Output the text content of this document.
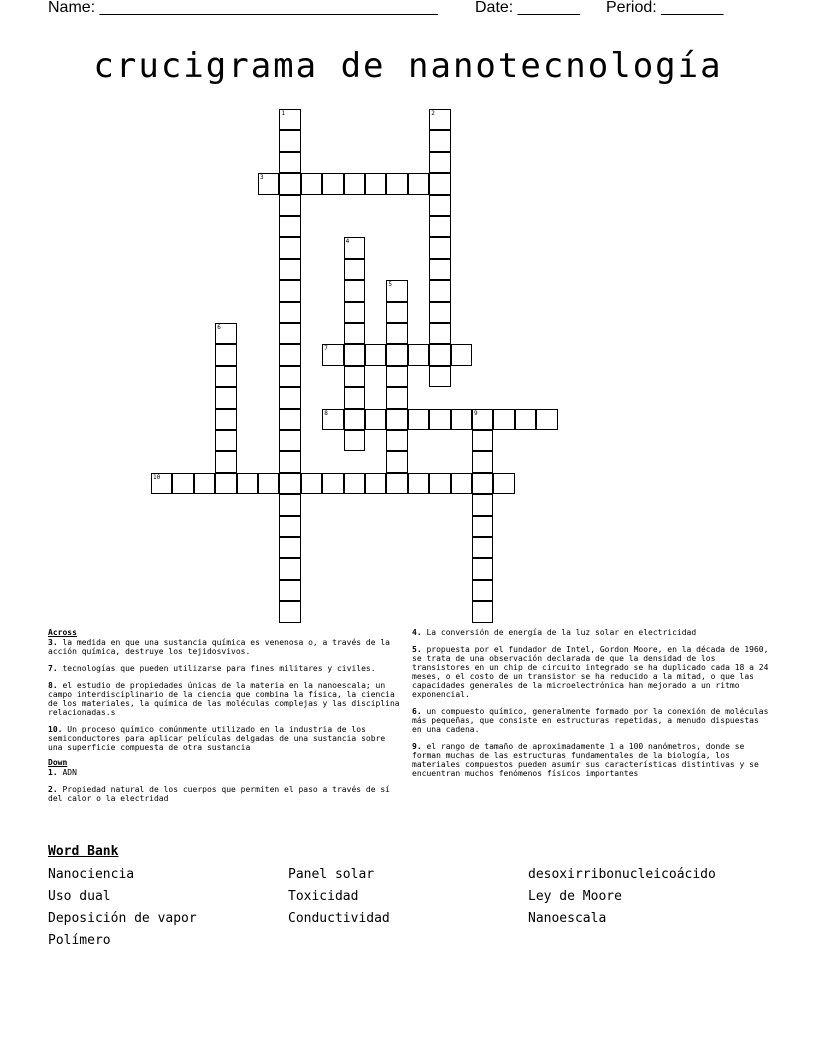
Name: ______________________________________ Date: _______ Period: _______
crucigrama de nanotecnología
1	2
3
4
5
6
7
8	9
10
Across
3. la medida en que una sustancia química es venenosa o, a través de la acción química, destruye los tejidosvivos.
7. tecnologías que pueden utilizarse para fines militares y civiles.
8. el estudio de propiedades únicas de la materia en la nanoescala; un campo interdisciplinario de la ciencia que combina la física, la ciencia de los materiales, la química de las moléculas complejas y las disciplina relacionadas.s
10. Un proceso químico comúnmente utilizado en la industria de los semiconductores para aplicar películas delgadas de una sustancia sobre una superficie compuesta de otra sustancia
Down
1. ADN
2. Propiedad natural de los cuerpos que permiten el paso a través de sí del calor o la electridad
4. La conversión de energía de la luz solar en electricidad
5. propuesta por el fundador de Intel, Gordon Moore, en la década de 1960, se trata de una observación declarada de que la densidad de los transistores en un chip de circuito integrado se ha duplicado cada 18 a 24 meses, o el costo de un transistor se ha reducido a la mitad, o que las capacidades generales de la microelectrónica han mejorado a un ritmo exponencial.
6. un compuesto químico, generalmente formado por la conexión de moléculas más pequeñas, que consiste en estructuras repetidas, a menudo dispuestas en una cadena.
9. el rango de tamaño de aproximadamente 1 a 100 nanómetros, donde se forman muchas de las estructuras fundamentales de la biología, los materiales compuestos pueden asumir sus características distintivas y se encuentran muchos fenómenos físicos importantes
Word Bank
Nanociencia	Panel solar	desoxirribonucleicoácido
Uso dual	Toxicidad	Ley de Moore
Deposición de vapor	Conductividad	Nanoescala
Polímero
